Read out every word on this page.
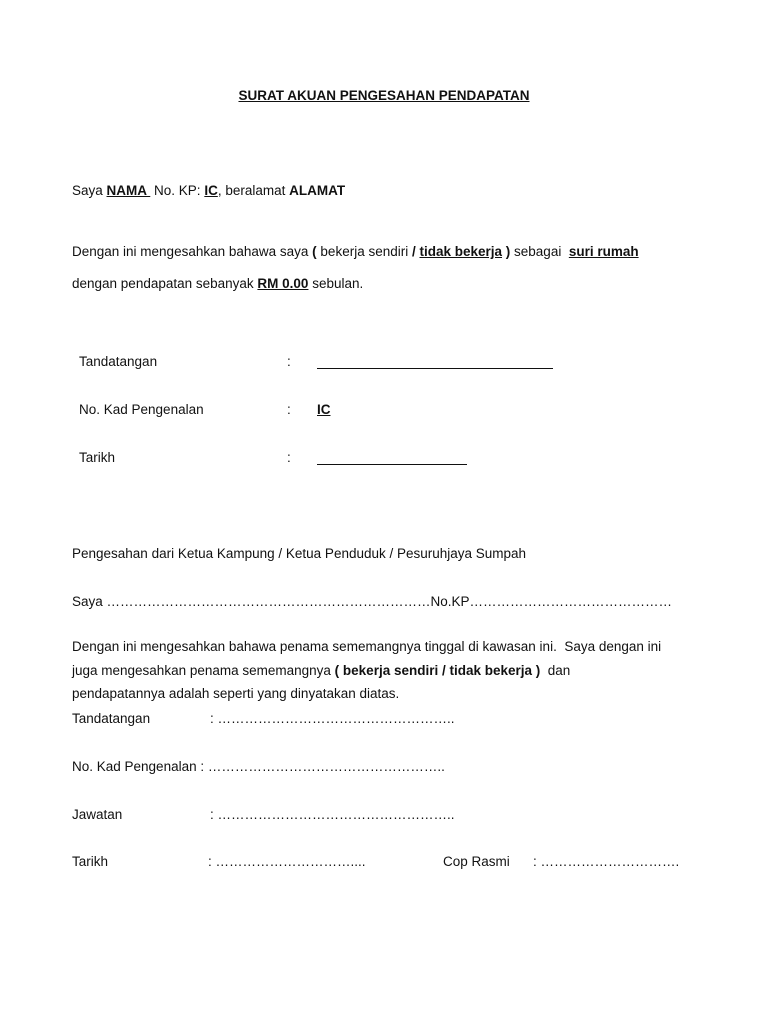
SURAT AKUAN PENGESAHAN PENDAPATAN
Saya NAMA  No. KP: IC, beralamat ALAMAT
Dengan ini mengesahkan bahawa saya ( bekerja sendiri / tidak bekerja ) sebagai  suri rumah
dengan pendapatan sebanyak RM 0.00 sebulan.
Tandatangan	:
No. Kad Pengenalan	: IC
Tarikh	:
Pengesahan dari Ketua Kampung / Ketua Penduduk / Pesuruhjaya Sumpah
Saya ………………………………………………………………No.KP………………………………………
Dengan ini mengesahkan bahawa penama sememangnya tinggal di kawasan ini.  Saya dengan ini
juga mengesahkan penama sememangnya ( bekerja sendiri / tidak bekerja )  dan
pendapatannya adalah seperti yang dinyatakan diatas.
Tandatangan	: ……………………………………………..
No. Kad Pengenalan : ……………………………………………..
Jawatan	: ……………………………………………..
Tarikh	: …………………………....	Cop Rasmi : ………………………….
